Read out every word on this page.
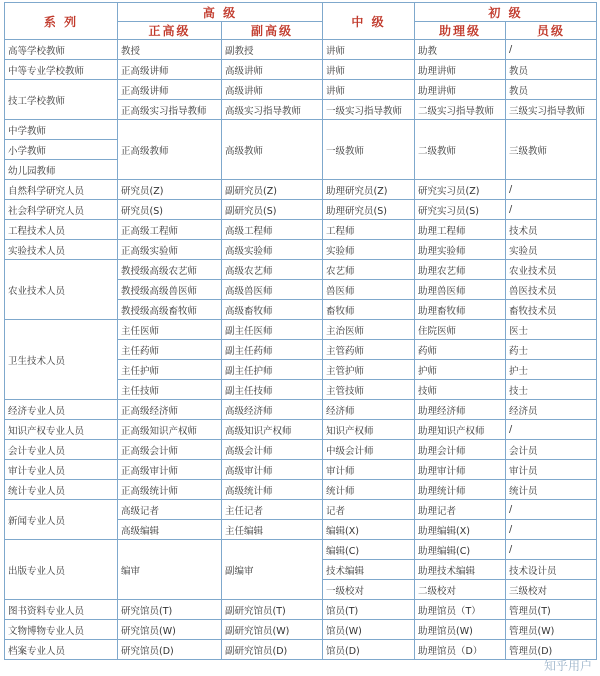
系 列	高 级		中 级	初 级	
	正高级	副高级		助理级	员级
高等学校教师	教授	副教授	讲师	助教	/
中等专业学校教师	正高级讲师	高级讲师	讲师	助理讲师	教员
技工学校教师	正高级讲师	高级讲师	讲师	助理讲师	教员
	正高级实习指导教师	高级实习指导教师	一级实习指导教师	二级实习指导教师	三级实习指导教师
中学教师	正高级教师	高级教师	一级教师	二级教师	三级教师
小学教师					
幼儿园教师					
自然科学研究人员	研究员(Z)	副研究员(Z)	助理研究员(Z)	研究实习员(Z)	/
社会科学研究人员	研究员(S)	副研究员(S)	助理研究员(S)	研究实习员(S)	/
工程技术人员	正高级工程师	高级工程师	工程师	助理工程师	技术员
实验技术人员	正高级实验师	高级实验师	实验师	助理实验师	实验员
农业技术人员	教授级高级农艺师	高级农艺师	农艺师	助理农艺师	农业技术员
	教授级高级兽医师	高级兽医师	兽医师	助理兽医师	兽医技术员
	教授级高级畜牧师	高级畜牧师	畜牧师	助理畜牧师	畜牧技术员
卫生技术人员	主任医师	副主任医师	主治医师	住院医师	医士
	主任药师	副主任药师	主管药师	药师	药士
	主任护师	副主任护师	主管护师	护师	护士
	主任技师	副主任技师	主管技师	技师	技士
经济专业人员	正高级经济师	高级经济师	经济师	助理经济师	经济员
知识产权专业人员	正高级知识产权师	高级知识产权师	知识产权师	助理知识产权师	/
会计专业人员	正高级会计师	高级会计师	中级会计师	助理会计师	会计员
审计专业人员	正高级审计师	高级审计师	审计师	助理审计师	审计员
统计专业人员	正高级统计师	高级统计师	统计师	助理统计师	统计员
新闻专业人员	高级记者	主任记者	记者	助理记者	/
	高级编辑	主任编辑	编辑(X)	助理编辑(X)	/
出版专业人员	编审	副编审	编辑(C)	助理编辑(C)	/
			技术编辑	助理技术编辑	技术设计员
			一级校对	二级校对	三级校对
图书资料专业人员	研究馆员(T)	副研究馆员(T)	馆员(T)	助理馆员（T）	管理员(T)
文物博物专业人员	研究馆员(W)	副研究馆员(W)	馆员(W)	助理馆员(W)	管理员(W)
档案专业人员	研究馆员(D)	副研究馆员(D)	馆员(D)	助理馆员（D）	管理员(D)
知乎用户
